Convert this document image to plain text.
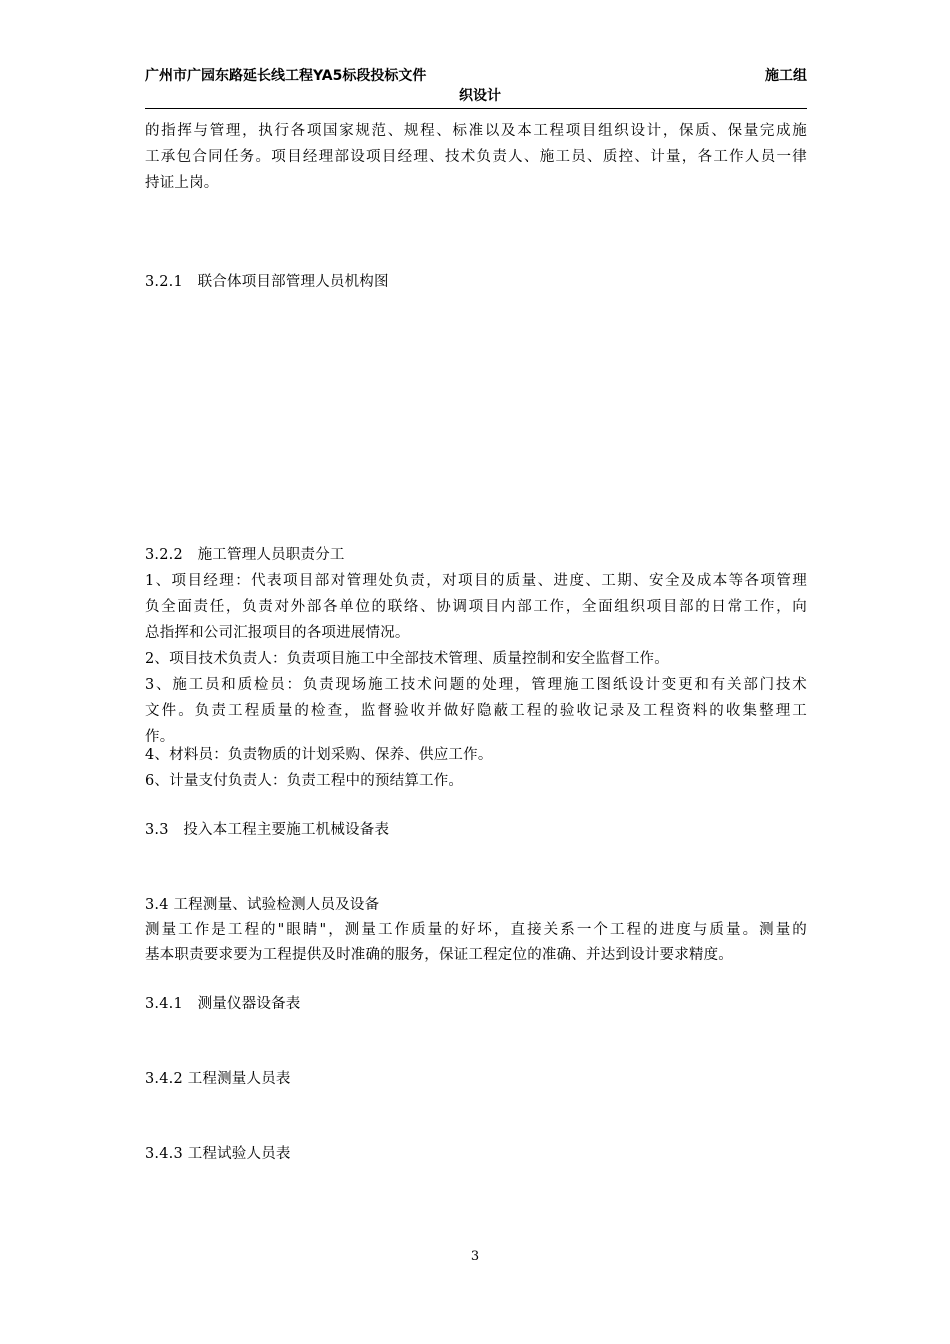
广州市广园东路延长线工程YA5标段投标文件	施工组
织设计
的指挥与管理，执行各项国家规范、规程、标准以及本工程项目组织设计，保质、保量完成施
工承包合同任务。项目经理部设项目经理、技术负责人、施工员、质控、计量，各工作人员一律
持证上岗。
3.2.1　联合体项目部管理人员机构图
3.2.2　施工管理人员职责分工
1、项目经理：代表项目部对管理处负责，对项目的质量、进度、工期、安全及成本等各项管理
负全面责任，负责对外部各单位的联络、协调项目内部工作，全面组织项目部的日常工作，向
总指挥和公司汇报项目的各项进展情况。
2、项目技术负责人：负责项目施工中全部技术管理、质量控制和安全监督工作。
3、施工员和质检员：负责现场施工技术问题的处理，管理施工图纸设计变更和有关部门技术
文件。负责工程质量的检查，监督验收并做好隐蔽工程的验收记录及工程资料的收集整理工
作。
4、材料员：负责物质的计划采购、保养、供应工作。
6、计量支付负责人：负责工程中的预结算工作。
3.3　投入本工程主要施工机械设备表
3.4 工程测量、试验检测人员及设备
测量工作是工程的"眼睛"，测量工作质量的好坏，直接关系一个工程的进度与质量。测量的
基本职责要求要为工程提供及时准确的服务，保证工程定位的准确、并达到设计要求精度。
3.4.1　测量仪器设备表
3.4.2 工程测量人员表
3.4.3 工程试验人员表
3
